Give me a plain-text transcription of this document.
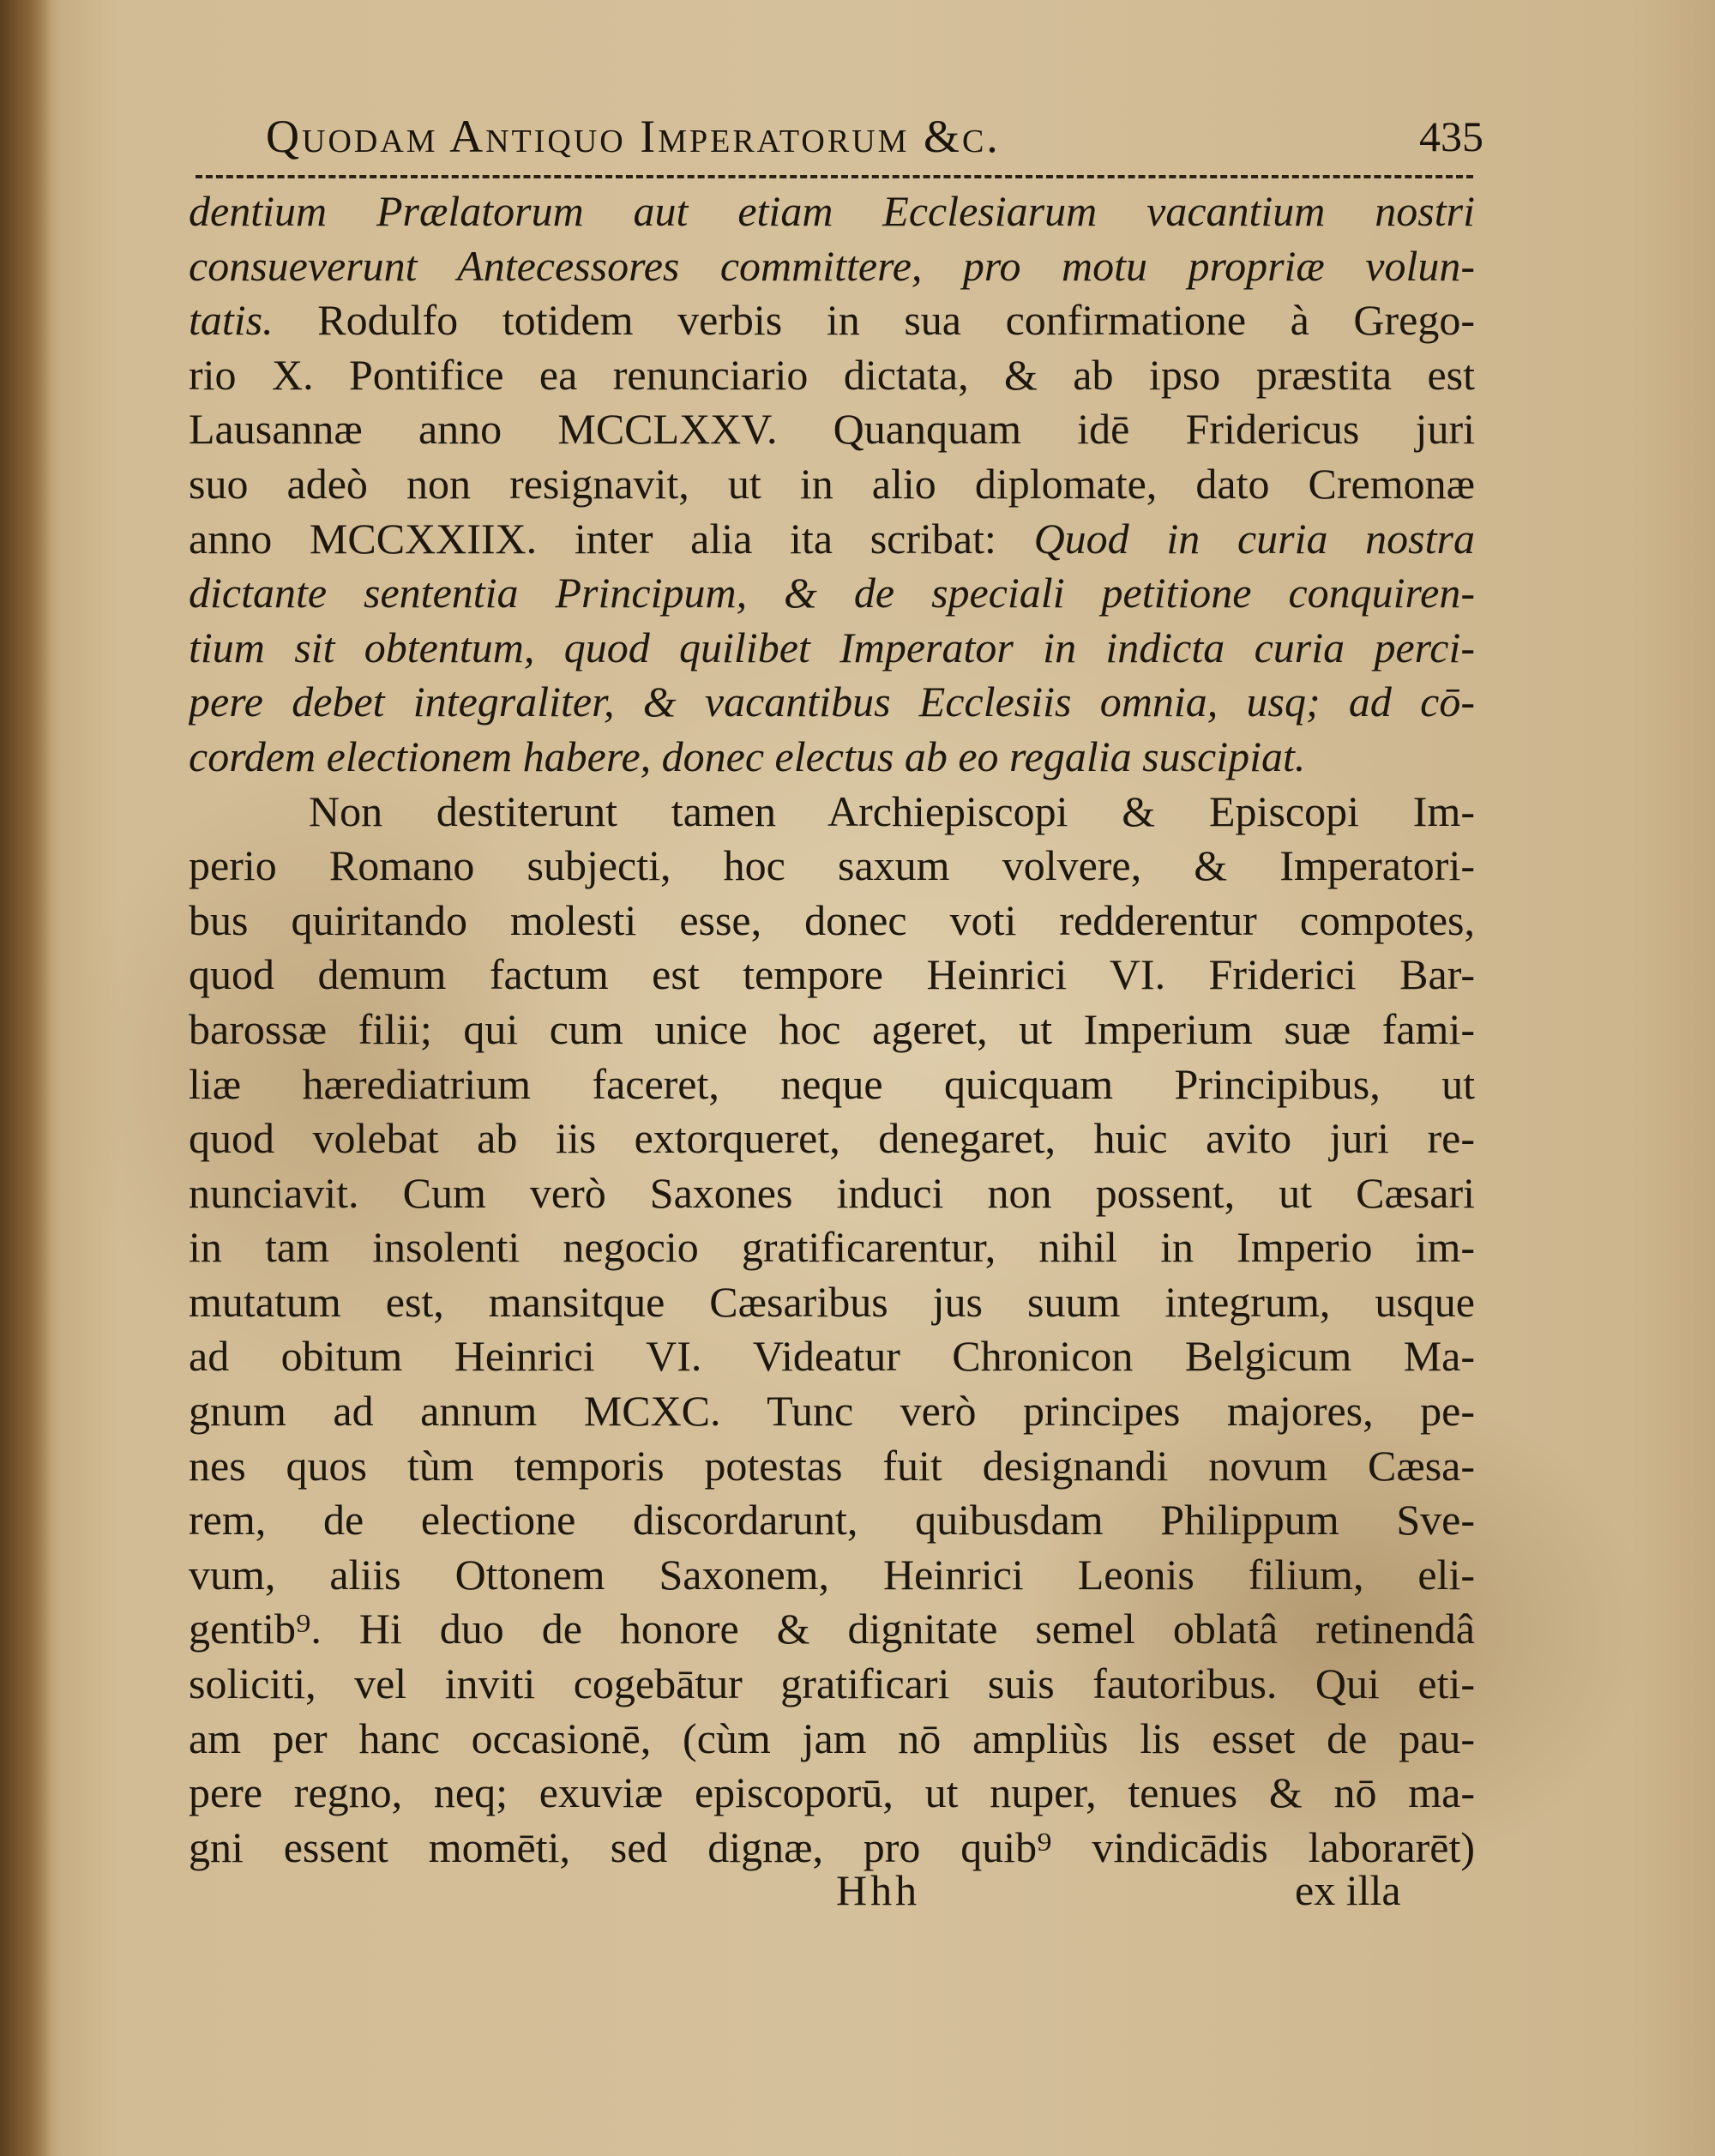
Quodam Antiquo Imperatorum &c.	435
dentium Prælatorum aut etiam Ecclesiarum vacantium nostri
consueverunt Antecessores committere, pro motu propriæ volun-
tatis. Rodulfo totidem verbis in sua confirmatione à Grego-
rio X. Pontifice ea renunciario dictata, & ab ipso præstita est
Lausannæ anno MCCLXXV. Quanquam idē Fridericus juri
suo adeò non resignavit, ut in alio diplomate, dato Cremonæ
anno MCCXXIIX. inter alia ita scribat: Quod in curia nostra
dictante sententia Principum, & de speciali petitione conquiren-
tium sit obtentum, quod quilibet Imperator in indicta curia perci-
pere debet integraliter, & vacantibus Ecclesiis omnia, usq; ad cō-
cordem electionem habere, donec electus ab eo regalia suscipiat.
Non destiterunt tamen Archiepiscopi & Episcopi Im-
perio Romano subjecti, hoc saxum volvere, & Imperatori-
bus quiritando molesti esse, donec voti redderentur compotes,
quod demum factum est tempore Heinrici VI. Friderici Bar-
barossæ filii; qui cum unice hoc ageret, ut Imperium suæ fami-
liæ hærediatrium faceret, neque quicquam Principibus, ut
quod volebat ab iis extorqueret, denegaret, huic avito juri re-
nunciavit. Cum verò Saxones induci non possent, ut Cæsari
in tam insolenti negocio gratificarentur, nihil in Imperio im-
mutatum est, mansitque Cæsaribus jus suum integrum, usque
ad obitum Heinrici VI. Videatur Chronicon Belgicum Ma-
gnum ad annum MCXC. Tunc verò principes majores, pe-
nes quos tùm temporis potestas fuit designandi novum Cæsa-
rem, de electione discordarunt, quibusdam Philippum Sve-
vum, aliis Ottonem Saxonem, Heinrici Leonis filium, eli-
gentib⁹. Hi duo de honore & dignitate semel oblatâ retinendâ
soliciti, vel inviti cogebātur gratificari suis fautoribus. Qui eti-
am per hanc occasionē, (cùm jam nō ampliùs lis esset de pau-
pere regno, neq; exuviæ episcoporū, ut nuper, tenues & nō ma-
gni essent momēti, sed dignæ, pro quib⁹ vindicādis laborarēt)
Hhh	ex illa
